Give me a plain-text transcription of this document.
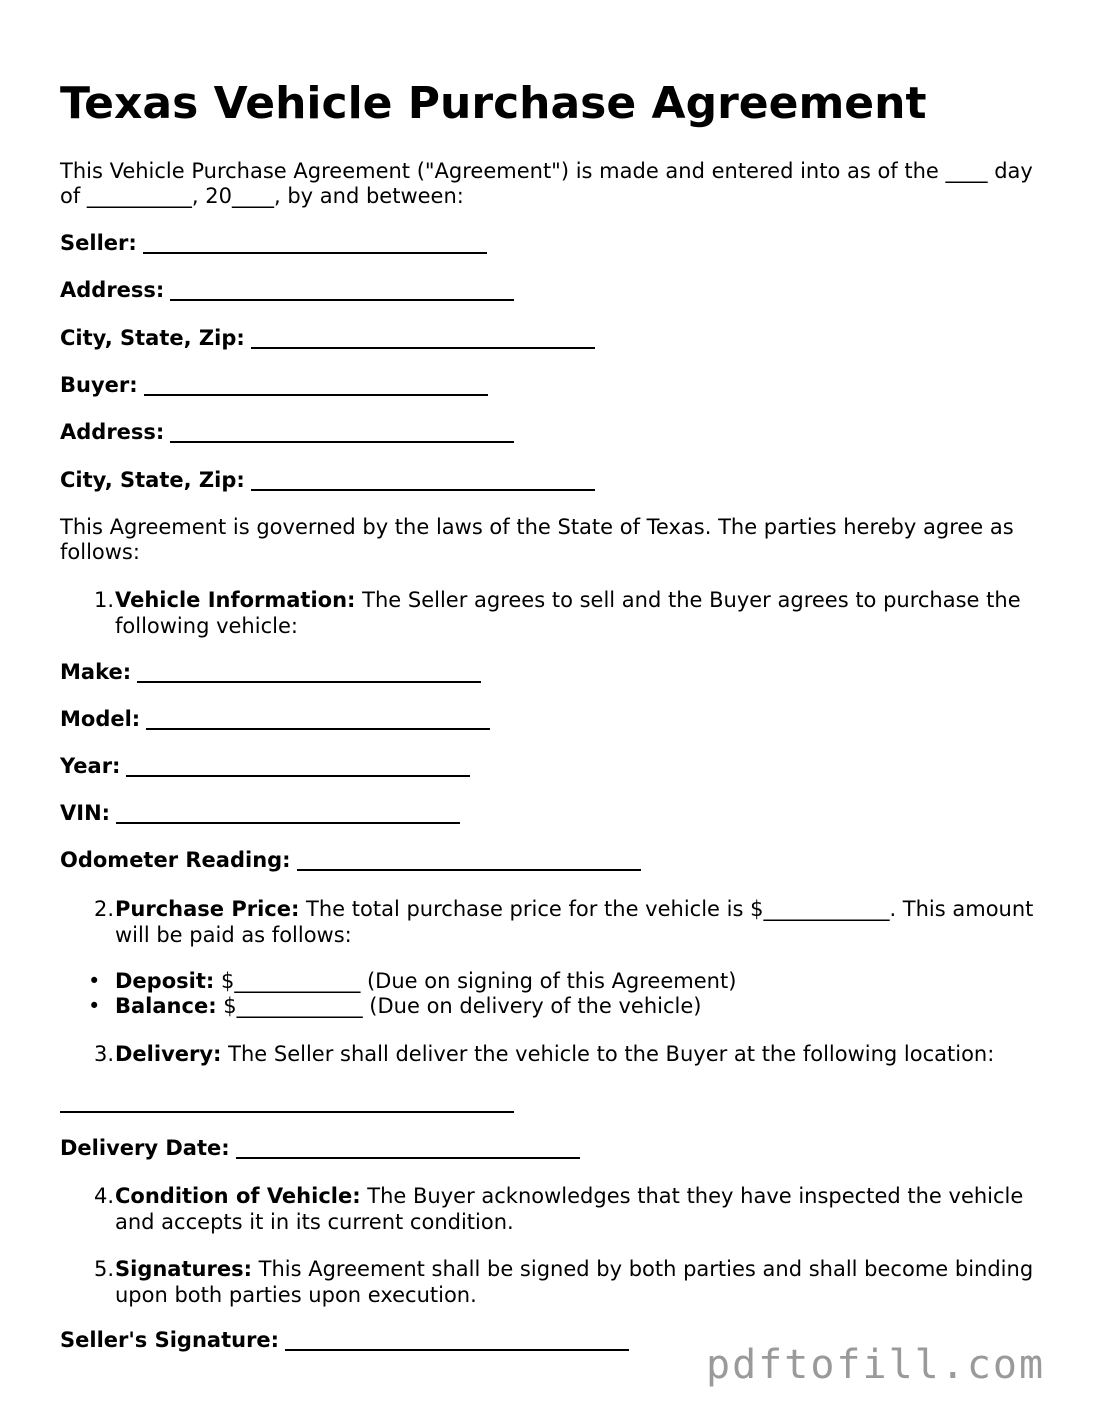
Texas Vehicle Purchase Agreement

This Vehicle Purchase Agreement ("Agreement") is made and entered into as of the ____ day of __________, 20____, by and between:

Seller:
Address:
City, State, Zip:
Buyer:
Address:
City, State, Zip:

This Agreement is governed by the laws of the State of Texas. The parties hereby agree as follows:

1. Vehicle Information: The Seller agrees to sell and the Buyer agrees to purchase the following vehicle:
Make:
Model:
Year:
VIN:
Odometer Reading:
2. Purchase Price: The total purchase price for the vehicle is $____________. This amount will be paid as follows:
• Deposit: $____________ (Due on signing of this Agreement)
• Balance: $____________ (Due on delivery of the vehicle)
3. Delivery: The Seller shall deliver the vehicle to the Buyer at the following location:
Delivery Date:
4. Condition of Vehicle: The Buyer acknowledges that they have inspected the vehicle and accepts it in its current condition.
5. Signatures: This Agreement shall be signed by both parties and shall become binding upon both parties upon execution.
Seller's Signature:
pdftofill.com
